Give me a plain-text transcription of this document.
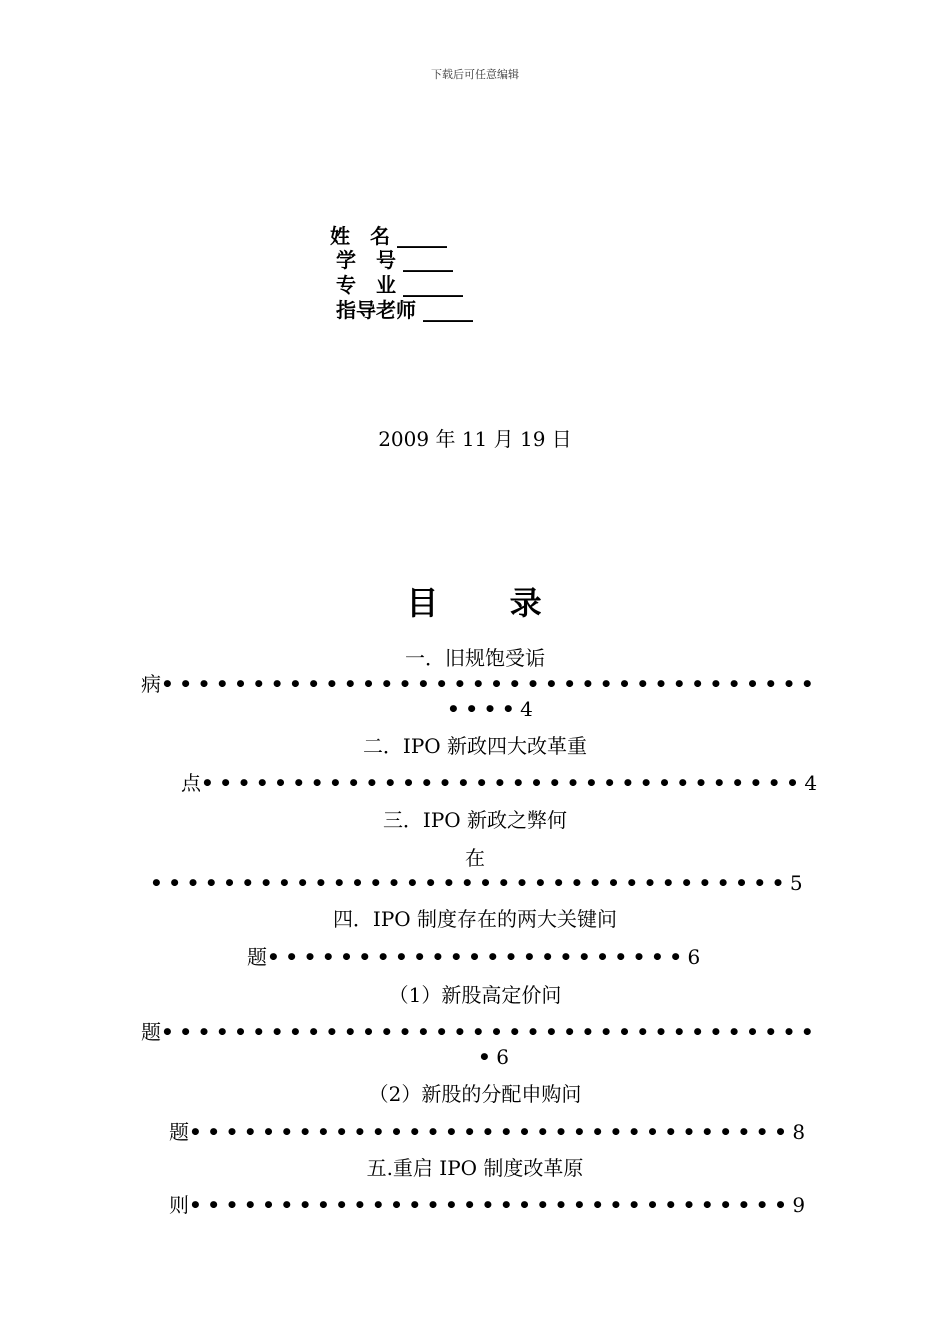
下载后可任意编辑
姓　名 _____
学　号 _____
专　业 ______
指导老师 _____
2009 年 11 月 19 日
目 录
一．旧规饱受诟
病••••••••••••••••••••••••••••••••••••
••••4
二．IPO 新政四大改革重
点•••••••••••••••••••••••••••••••••4
三．IPO 新政之弊何
在
•••••••••••••••••••••••••••••••••••5
四．IPO 制度存在的两大关键问
题•••••••••••••••••••••••6
（1）新股高定价问
题••••••••••••••••••••••••••••••••••••
•6
（2）新股的分配申购问
题•••••••••••••••••••••••••••••••••8
五.重启 IPO 制度改革原
则•••••••••••••••••••••••••••••••••9
